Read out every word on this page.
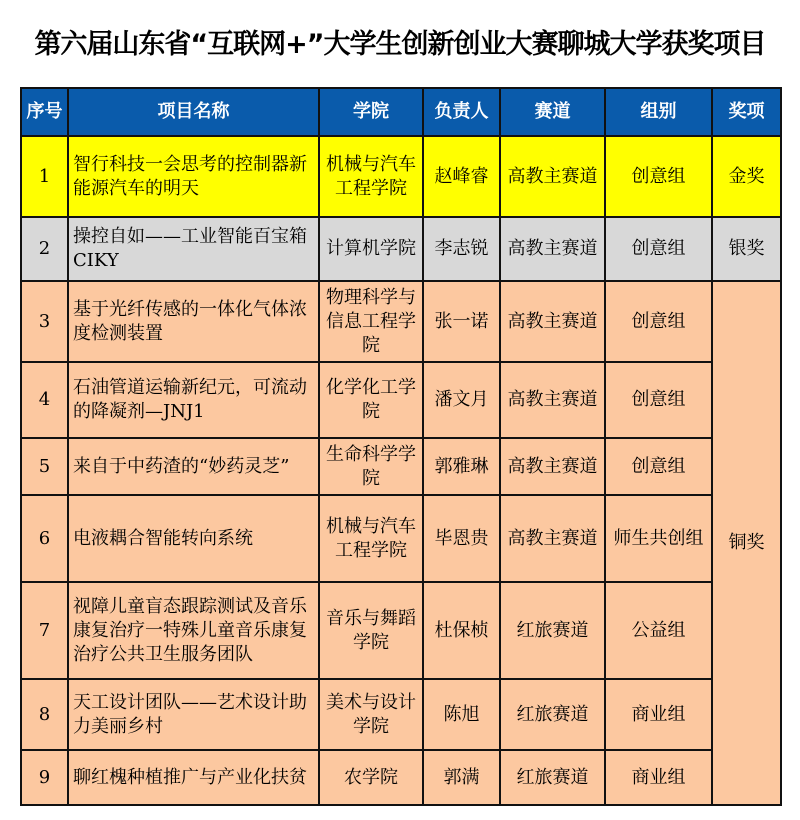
第六届山东省“互联网+”大学生创新创业大赛聊城大学获奖项目
序号	项目名称	学院	负责人	赛道	组别	奖项
1	智行科技一会思考的控制器新能源汽车的明天	机械与汽车工程学院	赵峰睿	高教主赛道	创意组	金奖
2	操控自如——工业智能百宝箱CIKY	计算机学院	李志锐	高教主赛道	创意组	银奖
3	基于光纤传感的一体化气体浓度检测装置	物理科学与信息工程学院	张一诺	高教主赛道	创意组	铜奖
4	石油管道运输新纪元，可流动的降凝剂—JNJ1	化学化工学院	潘文月	高教主赛道	创意组	
5	来自于中药渣的“妙药灵芝”	生命科学学院	郭雅琳	高教主赛道	创意组	
6	电液耦合智能转向系统	机械与汽车工程学院	毕恩贵	高教主赛道	师生共创组	
7	视障儿童盲态跟踪测试及音乐康复治疗一特殊儿童音乐康复治疗公共卫生服务团队	音乐与舞蹈学院	杜保桢	红旅赛道	公益组	
8	天工设计团队——艺术设计助力美丽乡村	美术与设计学院	陈旭	红旅赛道	商业组	
9	聊红槐种植推广与产业化扶贫	农学院	郭满	红旅赛道	商业组	
